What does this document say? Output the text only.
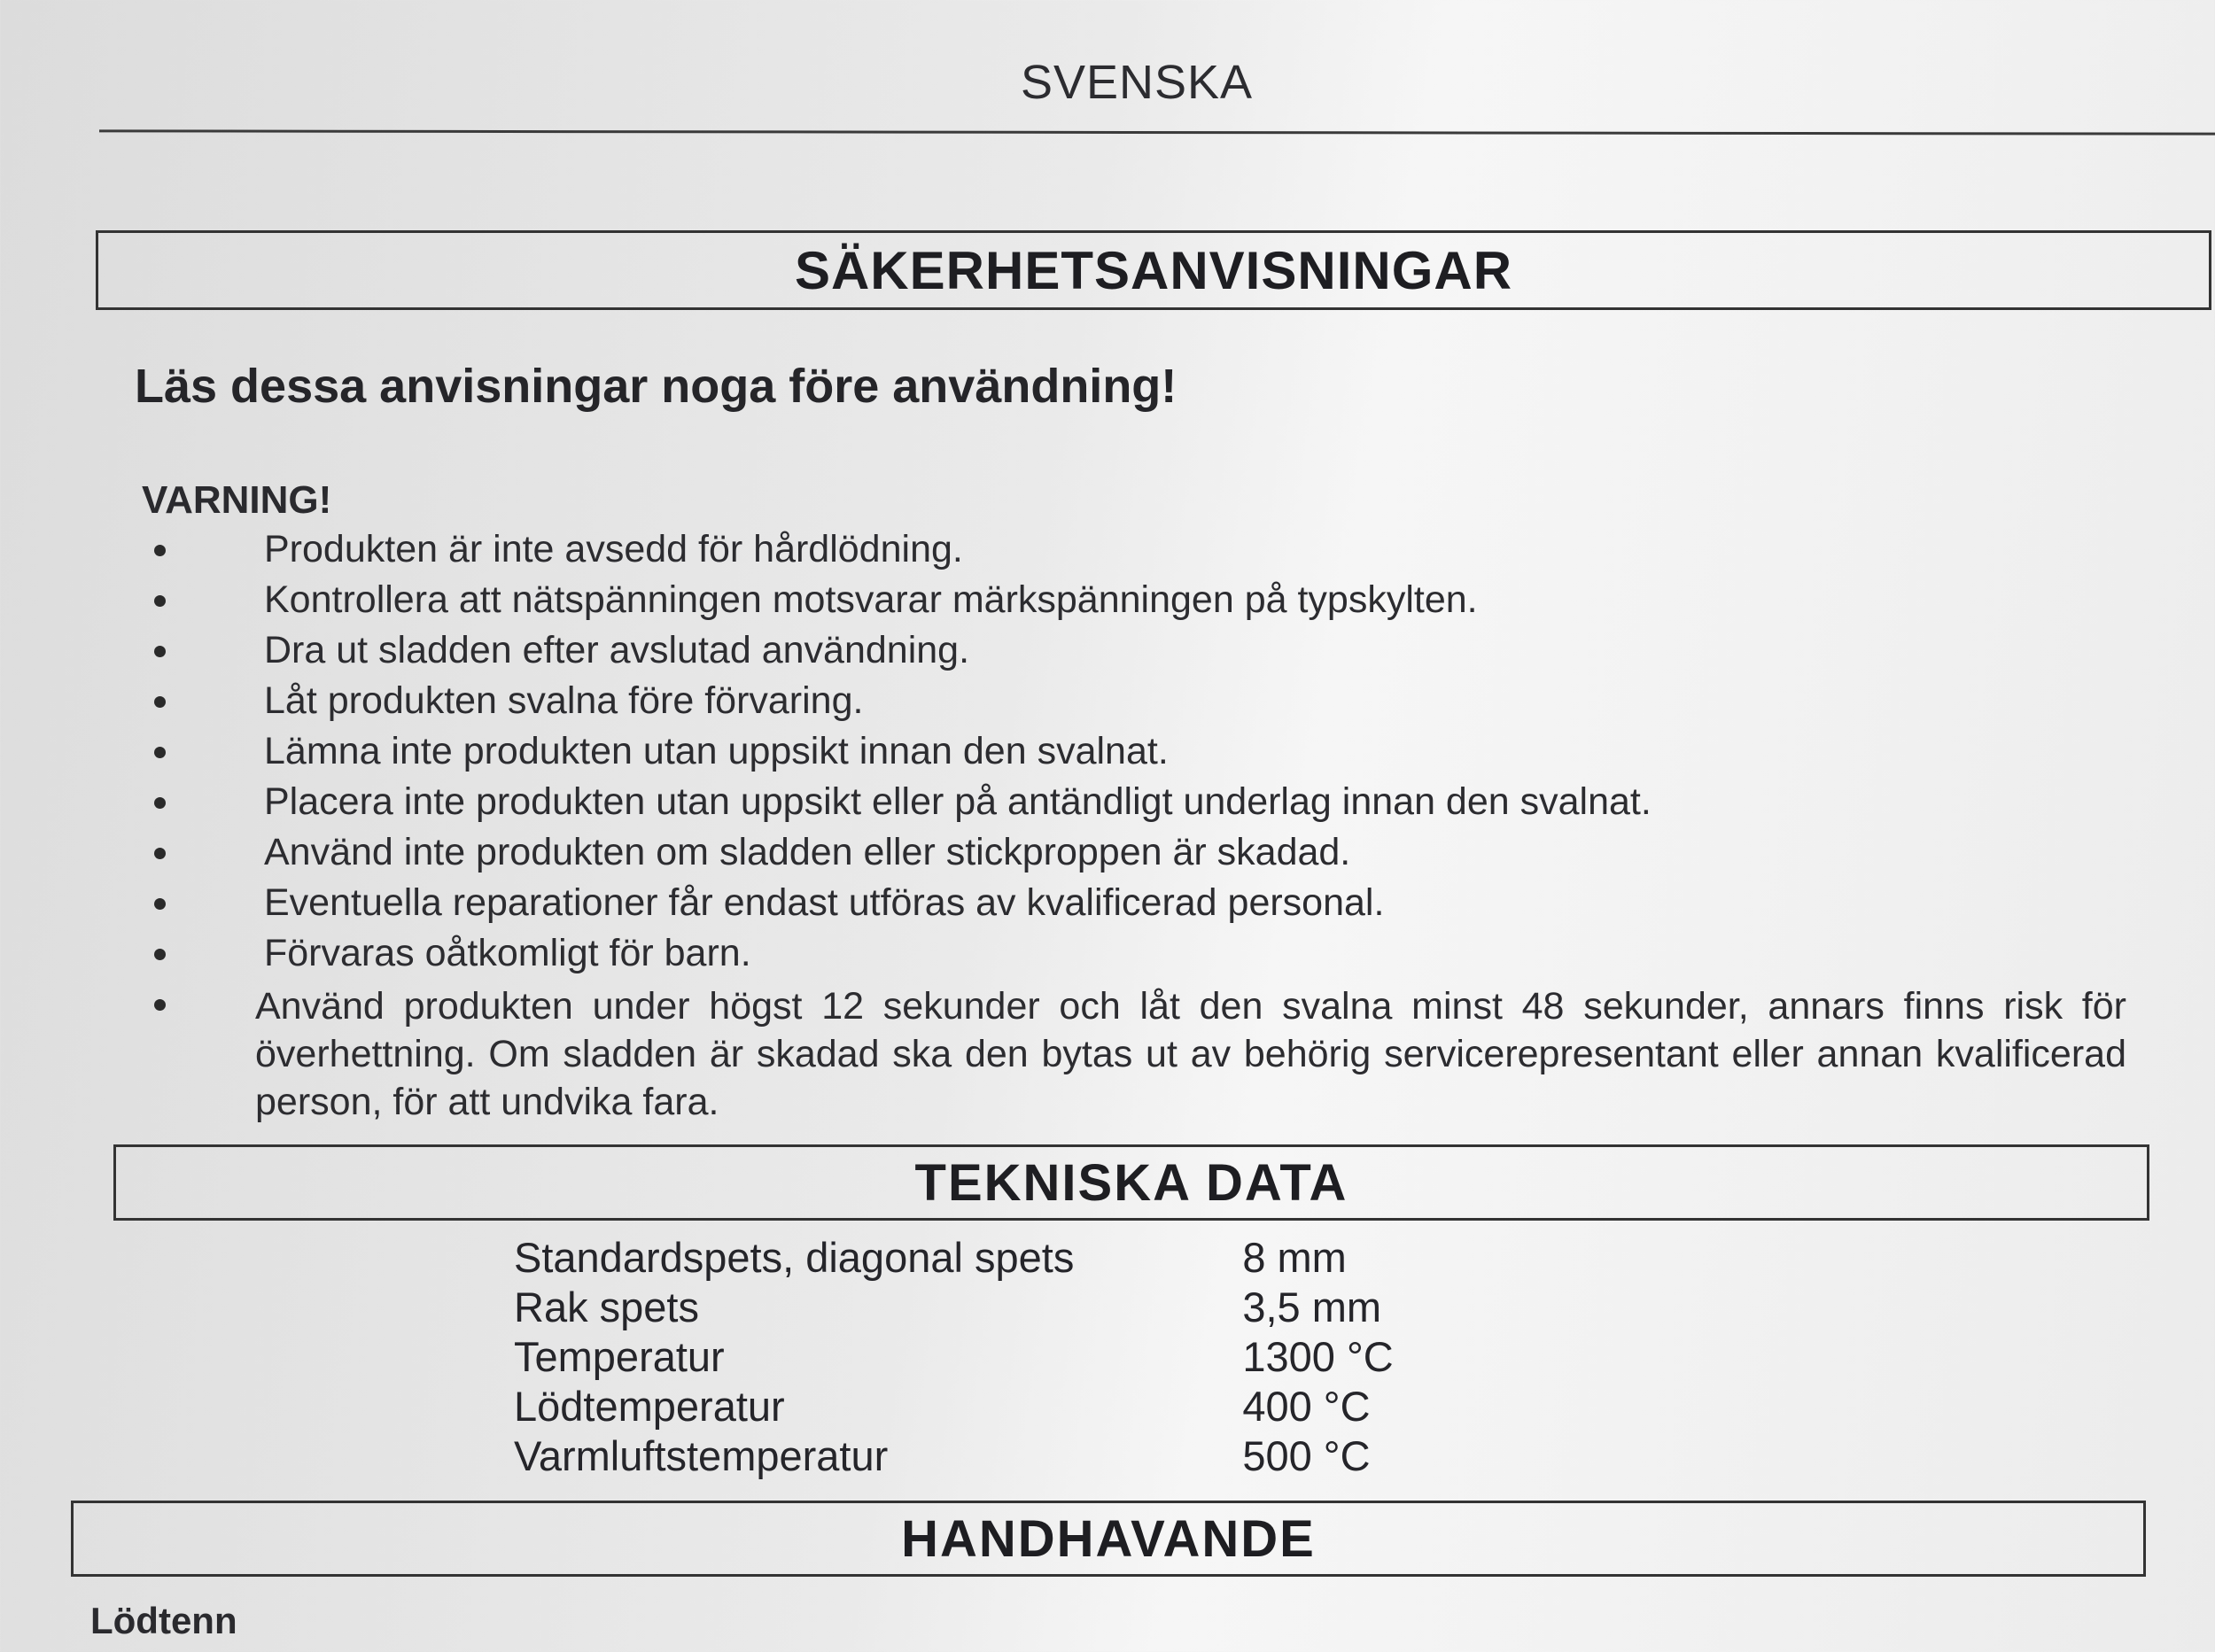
SVENSKA
SÄKERHETSANVISNINGAR
Läs dessa anvisningar noga före användning!
VARNING!
Produkten är inte avsedd för hårdlödning.
Kontrollera att nätspänningen motsvarar märkspänningen på typskylten.
Dra ut sladden efter avslutad användning.
Låt produkten svalna före förvaring.
Lämna inte produkten utan uppsikt innan den svalnat.
Placera inte produkten utan uppsikt eller på antändligt underlag innan den svalnat.
Använd inte produkten om sladden eller stickproppen är skadad.
Eventuella reparationer får endast utföras av kvalificerad personal.
Förvaras oåtkomligt för barn.
Använd produkten under högst 12 sekunder och låt den svalna minst 48 sekunder, annars finns risk för överhettning. Om sladden är skadad ska den bytas ut av behörig servicerepresentant eller annan kvalificerad person, för att undvika fara.
TEKNISKA DATA
Standardspets, diagonal spets	8 mm
Rak spets	3,5 mm
Temperatur	1300 °C
Lödtemperatur	400 °C
Varmluftstemperatur	500 °C
HANDHAVANDE
Lödtenn
